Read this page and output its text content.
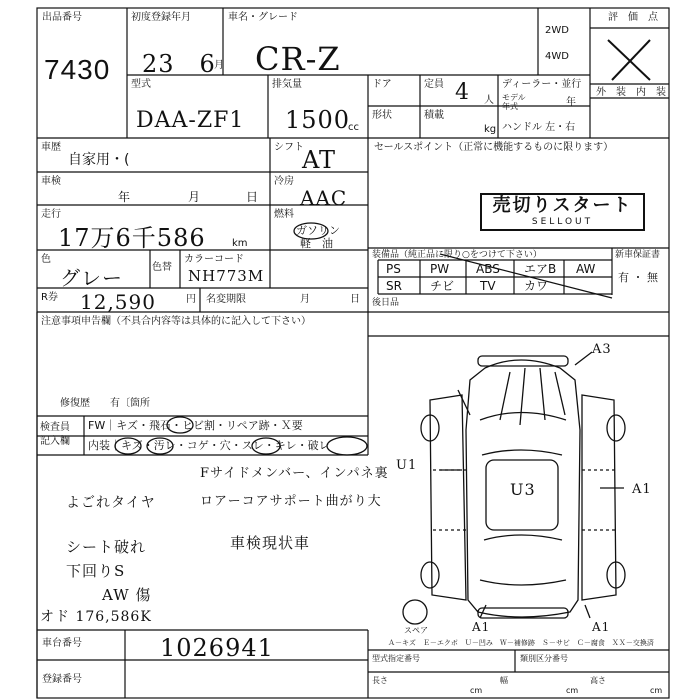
出品番号
7430
初度登録年月
23　6
月
車名・グレード
CR-Z
2WD
4WD
評　価　点
外　装 内　装
型式
DAA-ZF1
排気量
1500
cc
ドア	定員 4 人
ディーラー・並行
モデル
年式	年
形状	積載
kg ハンドル 左・右
車歴
自家用・(
シフト
AT	セールスポイント（正常に機能するものに限ります）
車検
年	月	日
冷房
AAC
走行
17万6千586	km
燃料
ガソリン
軽　油
売切りスタート
SELLOUT
色
グレー	色替
カラーコード
NH773M
装備品（純正品に限り○をつけて下さい）	新車保証書
有 ・ 無
PS PW ABS エアB AW
SR チビ TV カワ
後日品
R券 12,590	円 名変期限	月	日
注意事項申告欄（不具合内容等は具体的に記入して下さい）
修復歴　　有〔箇所
検査員
記入欄
FW｜キズ・飛石・ヒビ割・リペア跡・Ｘ要
内装｜キズ・汚レ・コゲ・穴・スレ・キレ・破レ
Fサイドメンバー、インパネ裏
ロアーコアサポート曲がり大
よごれタイヤ
シート破れ
下回りS
AW 傷
車検現状車
オド 176,586K
A3
U3
U1
A1
A1
A1
スペア
車台番号	1026941
登録番号
Ａ－キズ　Ｅ－エクボ　Ｕ－凹み　Ｗ－補修跡　Ｓ－サビ　Ｃ－腐食　ＸＸ－交換済
型式指定番号	類別区分番号
長さ
cm
幅
cm
高さ
cm
